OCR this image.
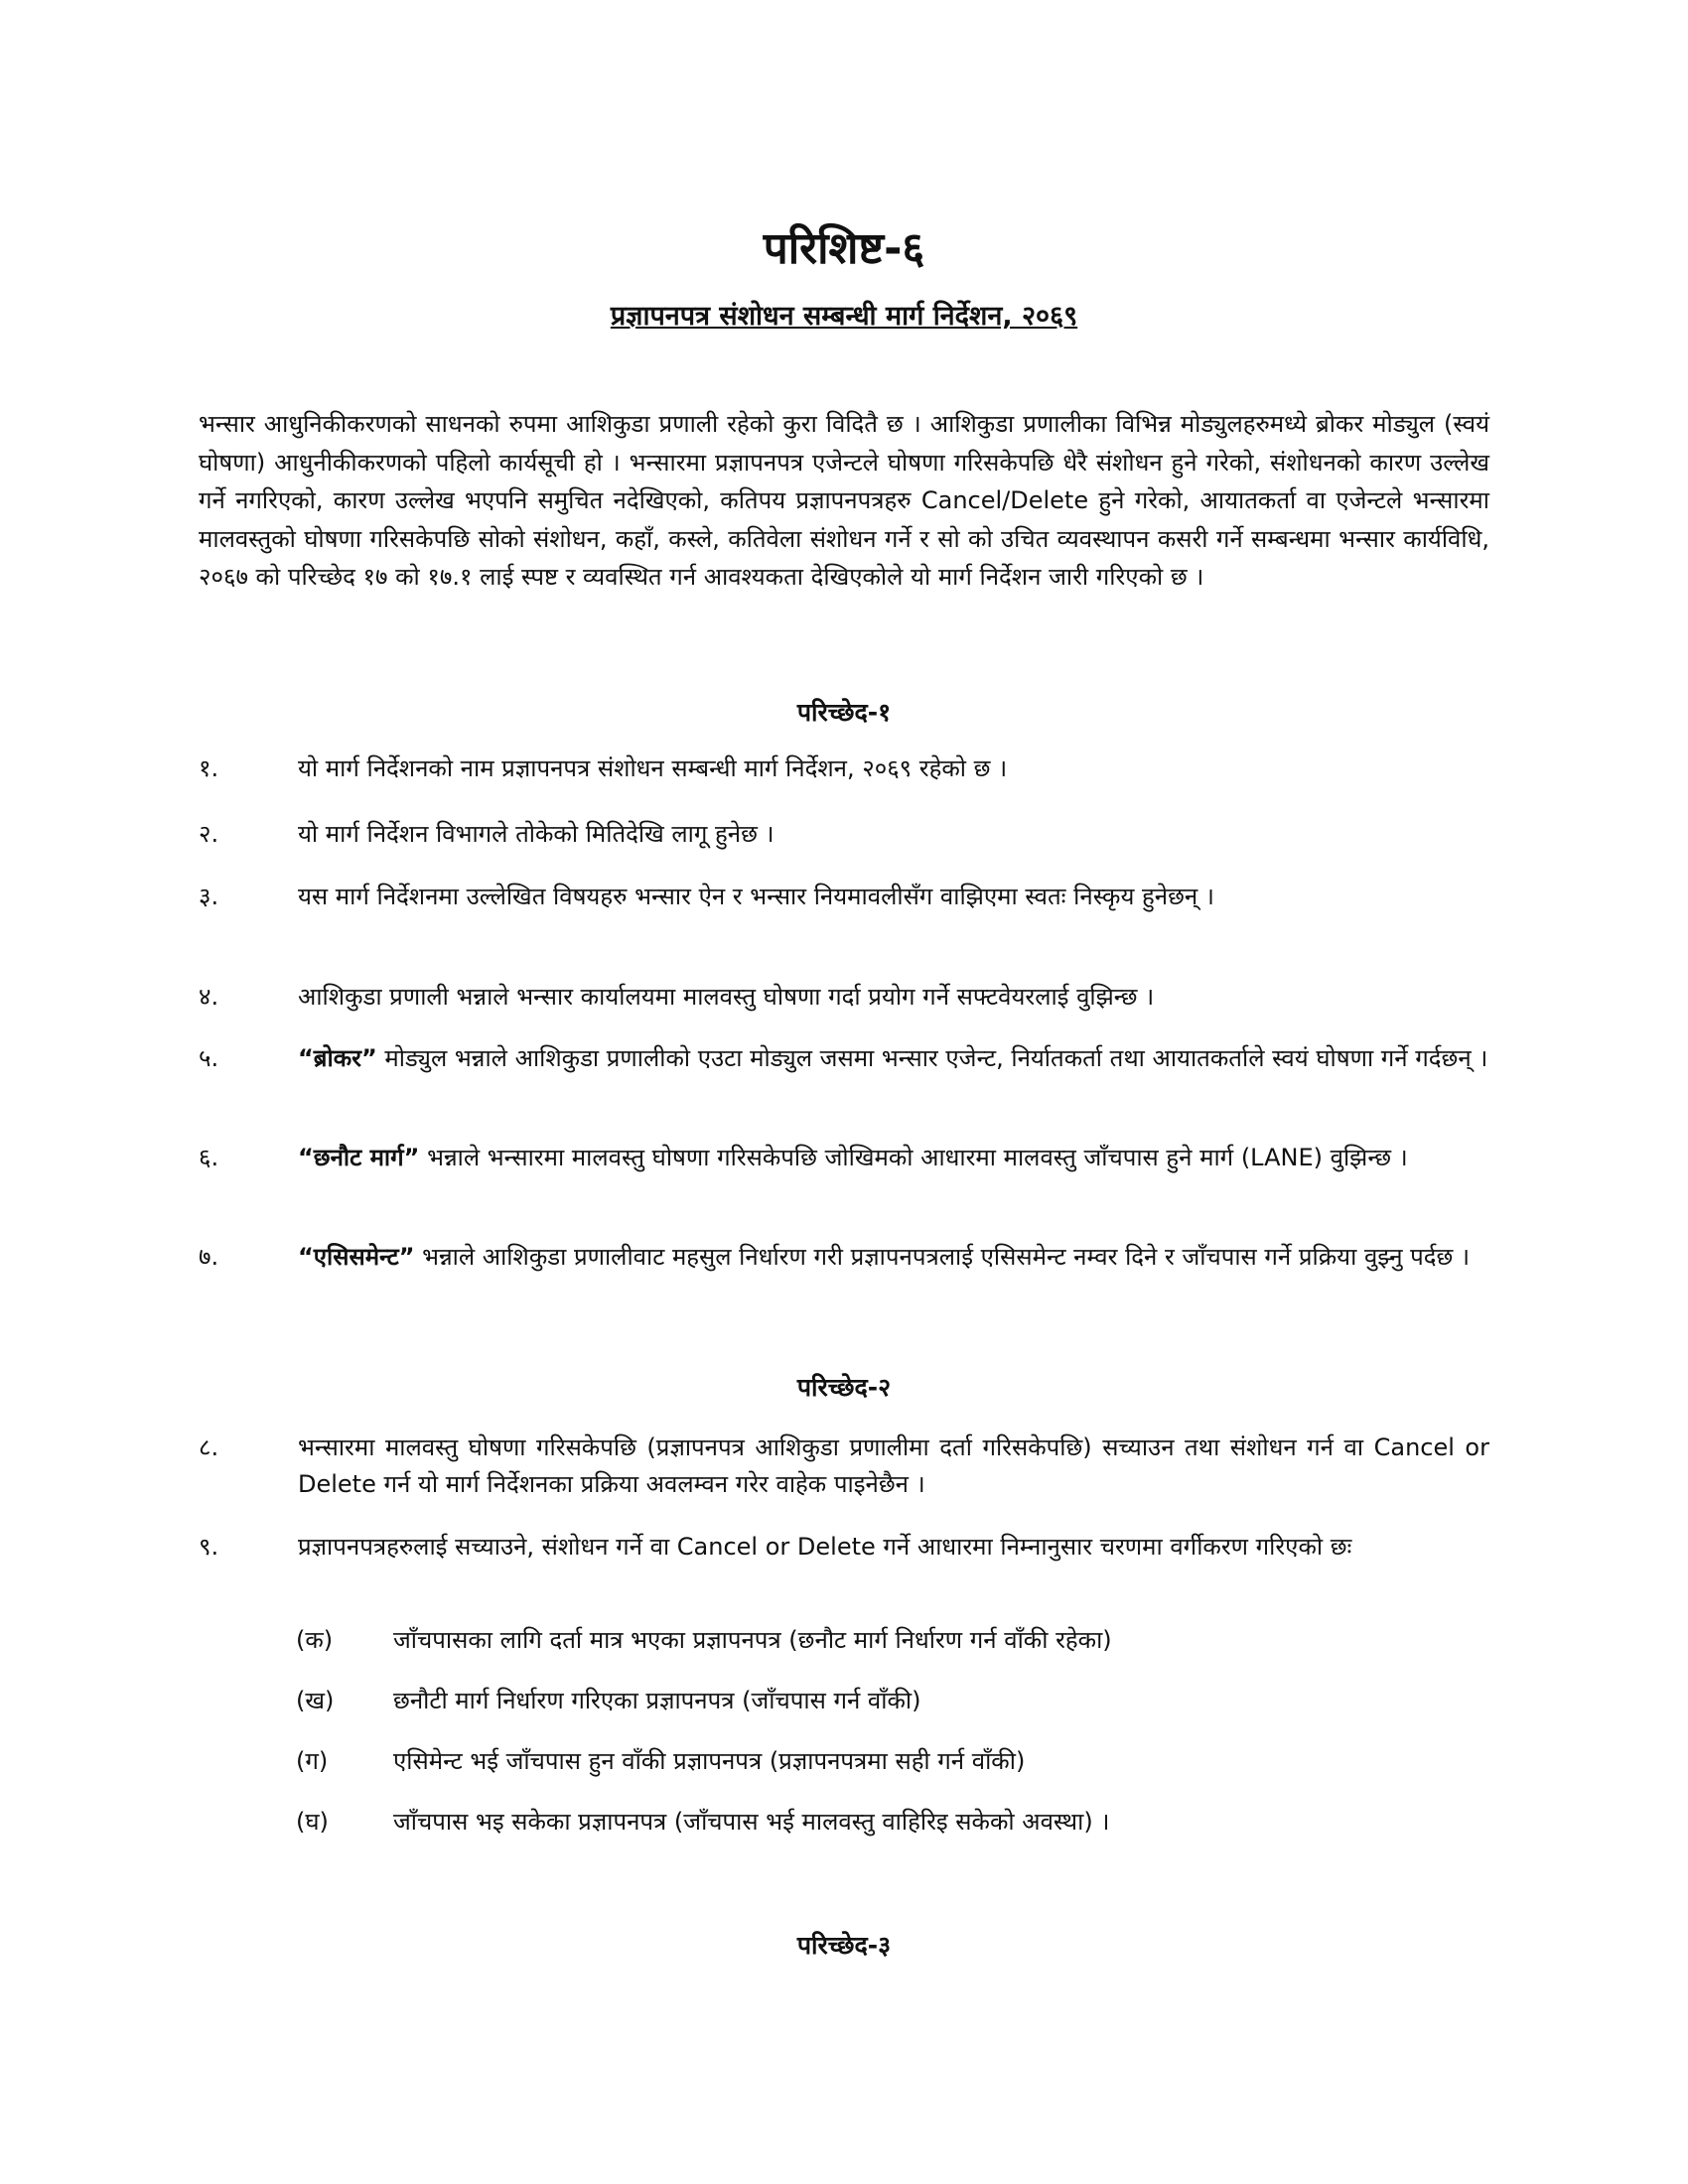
परिशिष्ट-६
प्रज्ञापनपत्र संशोधन सम्बन्धी मार्ग निर्देशन, २०६९

भन्सार आधुनिकीकरणको साधनको रुपमा आशिकुडा प्रणाली रहेको कुरा विदितै छ । आशिकुडा प्रणालीका विभिन्न मोड्युलहरुमध्ये ब्रोकर मोड्युल (स्वयं घोषणा) आधुनीकीकरणको पहिलो कार्यसूची हो । भन्सारमा प्रज्ञापनपत्र एजेन्टले घोषणा गरिसकेपछि धेरै संशोधन हुने गरेको, संशोधनको कारण उल्लेख गर्ने नगरिएको, कारण उल्लेख भएपनि समुचित नदेखिएको, कतिपय प्रज्ञापनपत्रहरु Cancel/Delete हुने गरेको, आयातकर्ता वा एजेन्टले भन्सारमा मालवस्तुको घोषणा गरिसकेपछि सोको संशोधन, कहाँ, कस्ले, कतिवेला संशोधन गर्ने र सो को उचित व्यवस्थापन कसरी गर्ने सम्बन्धमा भन्सार कार्यविधि, २०६७ को परिच्छेद १७ को १७.१ लाई स्पष्ट र व्यवस्थित गर्न आवश्यकता देखिएकोले यो मार्ग निर्देशन जारी गरिएको छ ।

परिच्छेद-१
१.	यो मार्ग निर्देशनको नाम प्रज्ञापनपत्र संशोधन सम्बन्धी मार्ग निर्देशन, २०६९ रहेको छ ।
२.	यो मार्ग निर्देशन विभागले तोकेको मितिदेखि लागू हुनेछ ।
३.	यस मार्ग निर्देशनमा उल्लेखित विषयहरु भन्सार ऐन र भन्सार नियमावलीसँग वाझिएमा स्वतः निस्कृय हुनेछन् ।
४.	आशिकुडा प्रणाली भन्नाले भन्सार कार्यालयमा मालवस्तु घोषणा गर्दा प्रयोग गर्ने सफ्टवेयरलाई वुझिन्छ ।
५.	“ब्रोकर” मोड्युल भन्नाले आशिकुडा प्रणालीको एउटा मोड्युल जसमा भन्सार एजेन्ट, निर्यातकर्ता तथा आयातकर्ताले स्वयं घोषणा गर्ने गर्दछन् ।
६.	“छनौट मार्ग” भन्नाले भन्सारमा मालवस्तु घोषणा गरिसकेपछि जोखिमको आधारमा मालवस्तु जाँचपास हुने मार्ग (LANE) वुझिन्छ ।
७.	“एसिसमेन्ट” भन्नाले आशिकुडा प्रणालीवाट महसुल निर्धारण गरी प्रज्ञापनपत्रलाई एसिसमेन्ट नम्वर दिने र जाँचपास गर्ने प्रक्रिया वुझ्नु पर्दछ ।
परिच्छेद-२
८.	भन्सारमा मालवस्तु घोषणा गरिसकेपछि (प्रज्ञापनपत्र आशिकुडा प्रणालीमा दर्ता गरिसकेपछि) सच्याउन तथा संशोधन गर्न वा Cancel or Delete गर्न यो मार्ग निर्देशनका प्रक्रिया अवलम्वन गरेर वाहेक पाइनेछैन ।
९.	प्रज्ञापनपत्रहरुलाई सच्याउने, संशोधन गर्ने वा Cancel or Delete गर्ने आधारमा निम्नानुसार चरणमा वर्गीकरण गरिएको छः
(क)	जाँचपासका लागि दर्ता मात्र भएका प्रज्ञापनपत्र (छनौट मार्ग निर्धारण गर्न वाँकी रहेका)
(ख)	छनौटी मार्ग निर्धारण गरिएका प्रज्ञापनपत्र (जाँचपास गर्न वाँकी)
(ग)	एसिमेन्ट भई जाँचपास हुन वाँकी प्रज्ञापनपत्र (प्रज्ञापनपत्रमा सही गर्न वाँकी)
(घ)	जाँचपास भइ सकेका प्रज्ञापनपत्र (जाँचपास भई मालवस्तु वाहिरिइ सकेको अवस्था) ।
परिच्छेद-३
